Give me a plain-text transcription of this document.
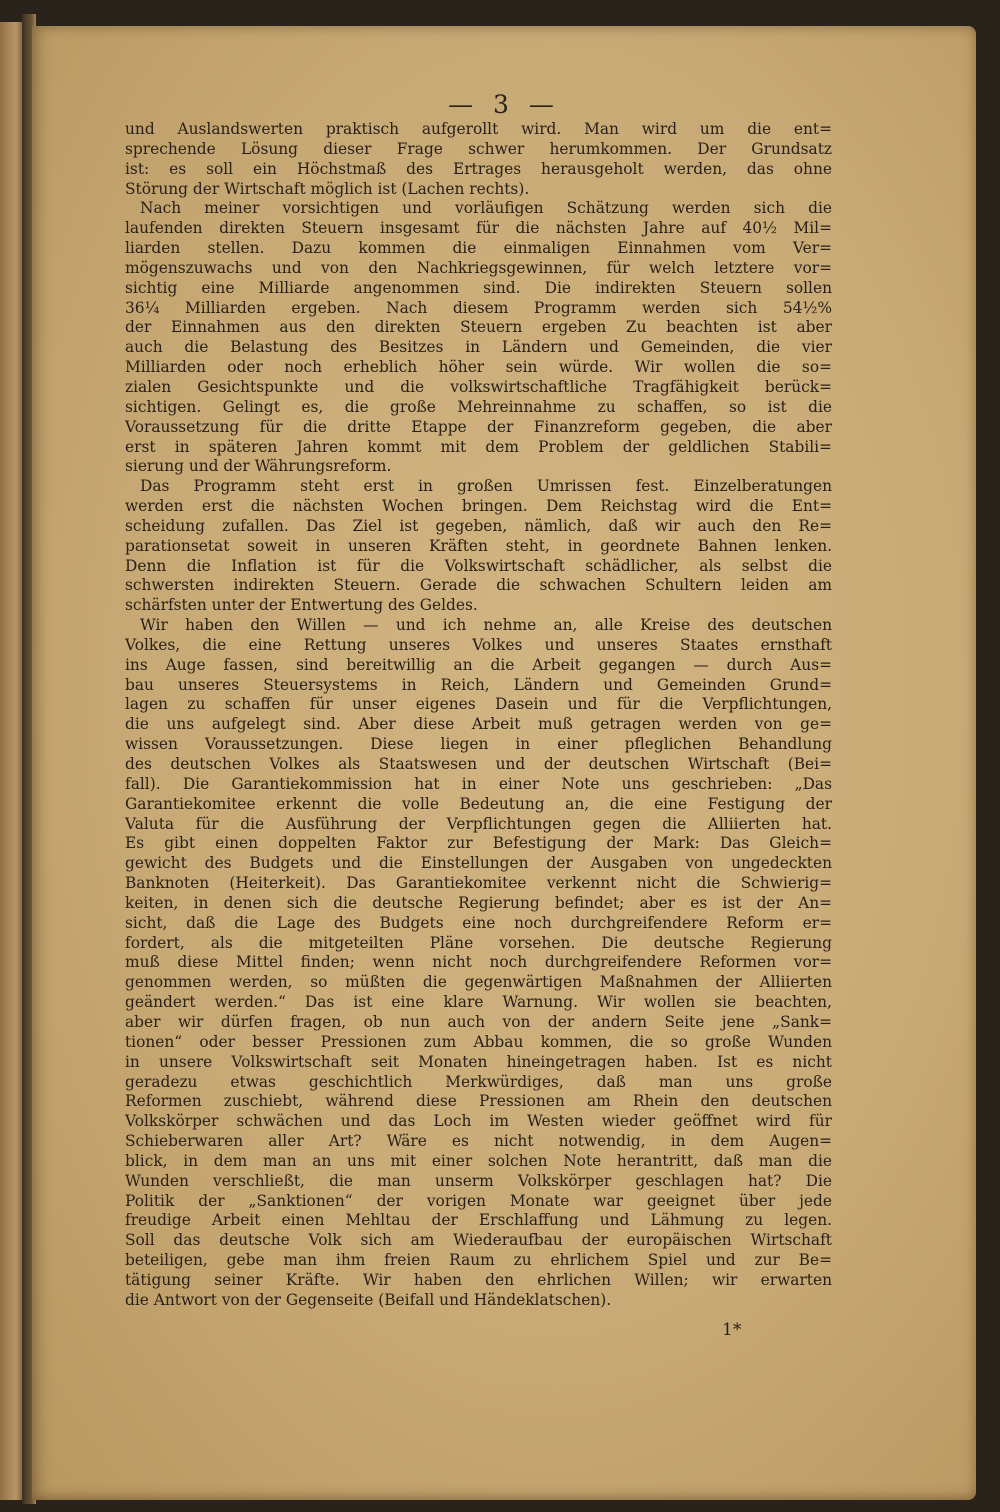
— 3 —
und Auslandswerten praktisch aufgerollt wird. Man wird um die ent=
sprechende Lösung dieser Frage schwer herumkommen. Der Grundsatz
ist: es soll ein Höchstmaß des Ertrages herausgeholt werden, das ohne
Störung der Wirtschaft möglich ist (Lachen rechts).
Nach meiner vorsichtigen und vorläufigen Schätzung werden sich die
laufenden direkten Steuern insgesamt für die nächsten Jahre auf 40½ Mil=
liarden stellen. Dazu kommen die einmaligen Einnahmen vom Ver=
mögenszuwachs und von den Nachkriegsgewinnen, für welch letztere vor=
sichtig eine Milliarde angenommen sind. Die indirekten Steuern sollen
36¼ Milliarden ergeben. Nach diesem Programm werden sich 54½%
der Einnahmen aus den direkten Steuern ergeben Zu beachten ist aber
auch die Belastung des Besitzes in Ländern und Gemeinden, die vier
Milliarden oder noch erheblich höher sein würde. Wir wollen die so=
zialen Gesichtspunkte und die volkswirtschaftliche Tragfähigkeit berück=
sichtigen. Gelingt es, die große Mehreinnahme zu schaffen, so ist die
Voraussetzung für die dritte Etappe der Finanzreform gegeben, die aber
erst in späteren Jahren kommt mit dem Problem der geldlichen Stabili=
sierung und der Währungsreform.
Das Programm steht erst in großen Umrissen fest. Einzelberatungen
werden erst die nächsten Wochen bringen. Dem Reichstag wird die Ent=
scheidung zufallen. Das Ziel ist gegeben, nämlich, daß wir auch den Re=
parationsetat soweit in unseren Kräften steht, in geordnete Bahnen lenken.
Denn die Inflation ist für die Volkswirtschaft schädlicher, als selbst die
schwersten indirekten Steuern. Gerade die schwachen Schultern leiden am
schärfsten unter der Entwertung des Geldes.
Wir haben den Willen — und ich nehme an, alle Kreise des deutschen
Volkes, die eine Rettung unseres Volkes und unseres Staates ernsthaft
ins Auge fassen, sind bereitwillig an die Arbeit gegangen — durch Aus=
bau unseres Steuersystems in Reich, Ländern und Gemeinden Grund=
lagen zu schaffen für unser eigenes Dasein und für die Verpflichtungen,
die uns aufgelegt sind. Aber diese Arbeit muß getragen werden von ge=
wissen Voraussetzungen. Diese liegen in einer pfleglichen Behandlung
des deutschen Volkes als Staatswesen und der deutschen Wirtschaft (Bei=
fall). Die Garantiekommission hat in einer Note uns geschrieben: „Das
Garantiekomitee erkennt die volle Bedeutung an, die eine Festigung der
Valuta für die Ausführung der Verpflichtungen gegen die Alliierten hat.
Es gibt einen doppelten Faktor zur Befestigung der Mark: Das Gleich=
gewicht des Budgets und die Einstellungen der Ausgaben von ungedeckten
Banknoten (Heiterkeit). Das Garantiekomitee verkennt nicht die Schwierig=
keiten, in denen sich die deutsche Regierung befindet; aber es ist der An=
sicht, daß die Lage des Budgets eine noch durchgreifendere Reform er=
fordert, als die mitgeteilten Pläne vorsehen. Die deutsche Regierung
muß diese Mittel finden; wenn nicht noch durchgreifendere Reformen vor=
genommen werden, so müßten die gegenwärtigen Maßnahmen der Alliierten
geändert werden.“ Das ist eine klare Warnung. Wir wollen sie beachten,
aber wir dürfen fragen, ob nun auch von der andern Seite jene „Sank=
tionen“ oder besser Pressionen zum Abbau kommen, die so große Wunden
in unsere Volkswirtschaft seit Monaten hineingetragen haben. Ist es nicht
geradezu etwas geschichtlich Merkwürdiges, daß man uns große
Reformen zuschiebt, während diese Pressionen am Rhein den deutschen
Volkskörper schwächen und das Loch im Westen wieder geöffnet wird für
Schieberwaren aller Art? Wäre es nicht notwendig, in dem Augen=
blick, in dem man an uns mit einer solchen Note herantritt, daß man die
Wunden verschließt, die man unserm Volkskörper geschlagen hat? Die
Politik der „Sanktionen“ der vorigen Monate war geeignet über jede
freudige Arbeit einen Mehltau der Erschlaffung und Lähmung zu legen.
Soll das deutsche Volk sich am Wiederaufbau der europäischen Wirtschaft
beteiligen, gebe man ihm freien Raum zu ehrlichem Spiel und zur Be=
tätigung seiner Kräfte. Wir haben den ehrlichen Willen; wir erwarten
die Antwort von der Gegenseite (Beifall und Händeklatschen).
1*
